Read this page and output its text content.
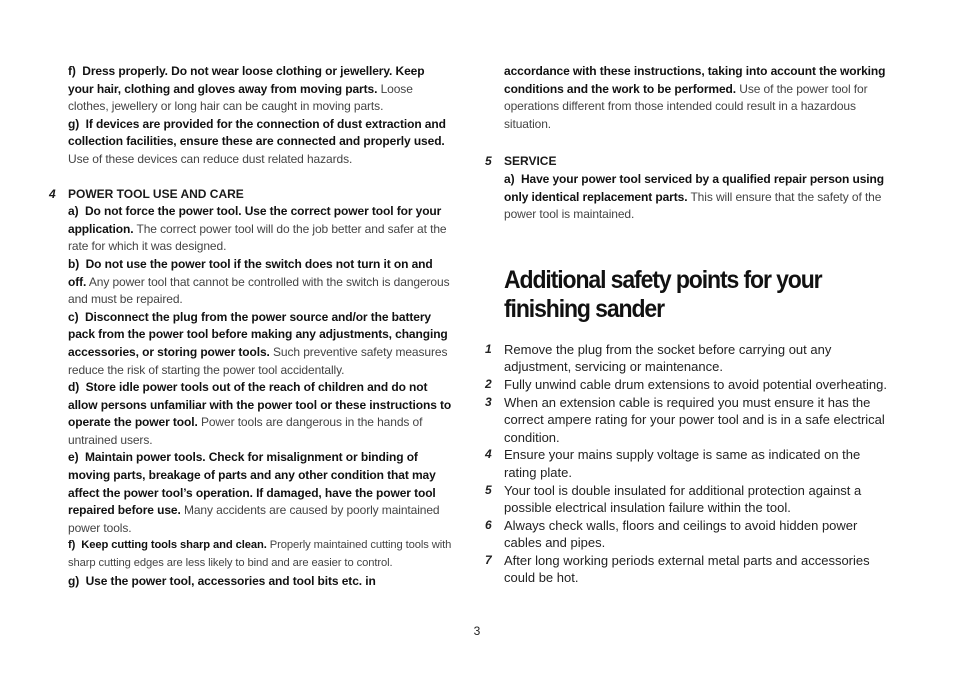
f)  Dress properly. Do not wear loose clothing or jewellery. Keep your hair, clothing and gloves away from moving parts. Loose clothes, jewellery or long hair can be caught in moving parts.

g)  If devices are provided for the connection of dust extraction and collection facilities, ensure these are connected and properly used. Use of these devices can reduce dust related hazards.

4 POWER TOOL USE AND CARE

a)  Do not force the power tool. Use the correct power tool for your application. The correct power tool will do the job better and safer at the rate for which it was designed.

b)  Do not use the power tool if the switch does not turn it on and off. Any power tool that cannot be controlled with the switch is dangerous and must be repaired.

c)  Disconnect the plug from the power source and/or the battery pack from the power tool before making any adjustments, changing accessories, or storing power tools. Such preventive safety measures reduce the risk of starting the power tool accidentally.

d)  Store idle power tools out of the reach of children and do not allow persons unfamiliar with the power tool or these instructions to operate the power tool. Power tools are dangerous in the hands of untrained users.

e)  Maintain power tools. Check for misalignment or binding of moving parts, breakage of parts and any other condition that may affect the power tool’s operation. If damaged, have the power tool repaired before use. Many accidents are caused by poorly maintained power tools.

f)  Keep cutting tools sharp and clean. Properly maintained cutting tools with sharp cutting edges are less likely to bind and are easier to control.

g)  Use the power tool, accessories and tool bits etc. in

accordance with these instructions, taking into account the working conditions and the work to be performed. Use of the power tool for operations different from those intended could result in a hazardous situation.

5 SERVICE

a)  Have your power tool serviced by a qualified repair person using only identical replacement parts. This will ensure that the safety of the power tool is maintained.

Additional safety points for your finishing sander
1 Remove the plug from the socket before carrying out any adjustment, servicing or maintenance.
2 Fully unwind cable drum extensions to avoid potential overheating.
3 When an extension cable is required you must ensure it has the correct ampere rating for your power tool and is in a safe electrical condition.
4 Ensure your mains supply voltage is same as indicated on the rating plate.
5 Your tool is double insulated for additional protection against a possible electrical insulation failure within the tool.
6 Always check walls, floors and ceilings to avoid hidden power cables and pipes.
7 After long working periods external metal parts and accessories could be hot.
3
